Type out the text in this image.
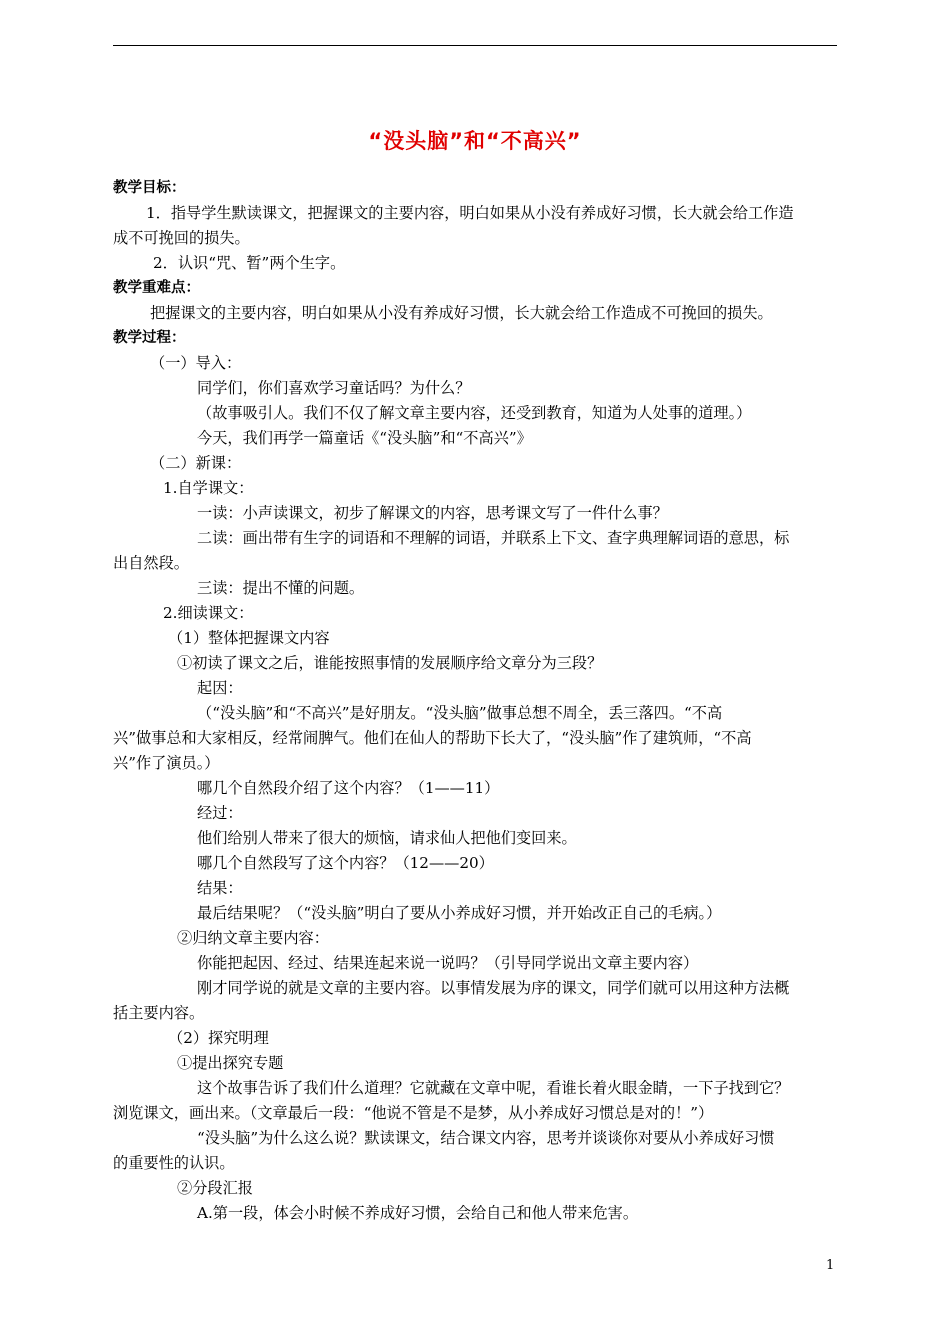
“没头脑”和“不高兴”
教学目标：
1．指导学生默读课文，把握课文的主要内容，明白如果从小没有养成好习惯，长大就会给工作造
成不可挽回的损失。
2．认识“咒、暂”两个生字。
教学重难点：
把握课文的主要内容，明白如果从小没有养成好习惯，长大就会给工作造成不可挽回的损失。
教学过程：
（一）导入：
同学们，你们喜欢学习童话吗？为什么？
（故事吸引人。我们不仅了解文章主要内容，还受到教育，知道为人处事的道理。）
今天，我们再学一篇童话《“没头脑”和“不高兴”》
（二）新课：
1.自学课文：
一读：小声读课文，初步了解课文的内容，思考课文写了一件什么事？
二读：画出带有生字的词语和不理解的词语，并联系上下文、查字典理解词语的意思，标
出自然段。
三读：提出不懂的问题。
2.细读课文：
（1）整体把握课文内容
①初读了课文之后，谁能按照事情的发展顺序给文章分为三段？
起因：
（“没头脑”和“不高兴”是好朋友。“没头脑”做事总想不周全，丢三落四。“不高
兴”做事总和大家相反，经常闹脾气。他们在仙人的帮助下长大了，“没头脑”作了建筑师，“不高
兴”作了演员。）
哪几个自然段介绍了这个内容？（1——11）
经过：
他们给别人带来了很大的烦恼，请求仙人把他们变回来。
哪几个自然段写了这个内容？（12——20）
结果：
最后结果呢？（“没头脑”明白了要从小养成好习惯，并开始改正自己的毛病。）
②归纳文章主要内容：
你能把起因、经过、结果连起来说一说吗？（引导同学说出文章主要内容）
刚才同学说的就是文章的主要内容。以事情发展为序的课文，同学们就可以用这种方法概
括主要内容。
（2）探究明理
①提出探究专题
这个故事告诉了我们什么道理？它就藏在文章中呢，看谁长着火眼金睛，一下子找到它？
浏览课文，画出来。（文章最后一段：“他说不管是不是梦，从小养成好习惯总是对的！”）
“没头脑”为什么这么说？默读课文，结合课文内容，思考并谈谈你对要从小养成好习惯
的重要性的认识。
②分段汇报
A.第一段，体会小时候不养成好习惯，会给自己和他人带来危害。
1
